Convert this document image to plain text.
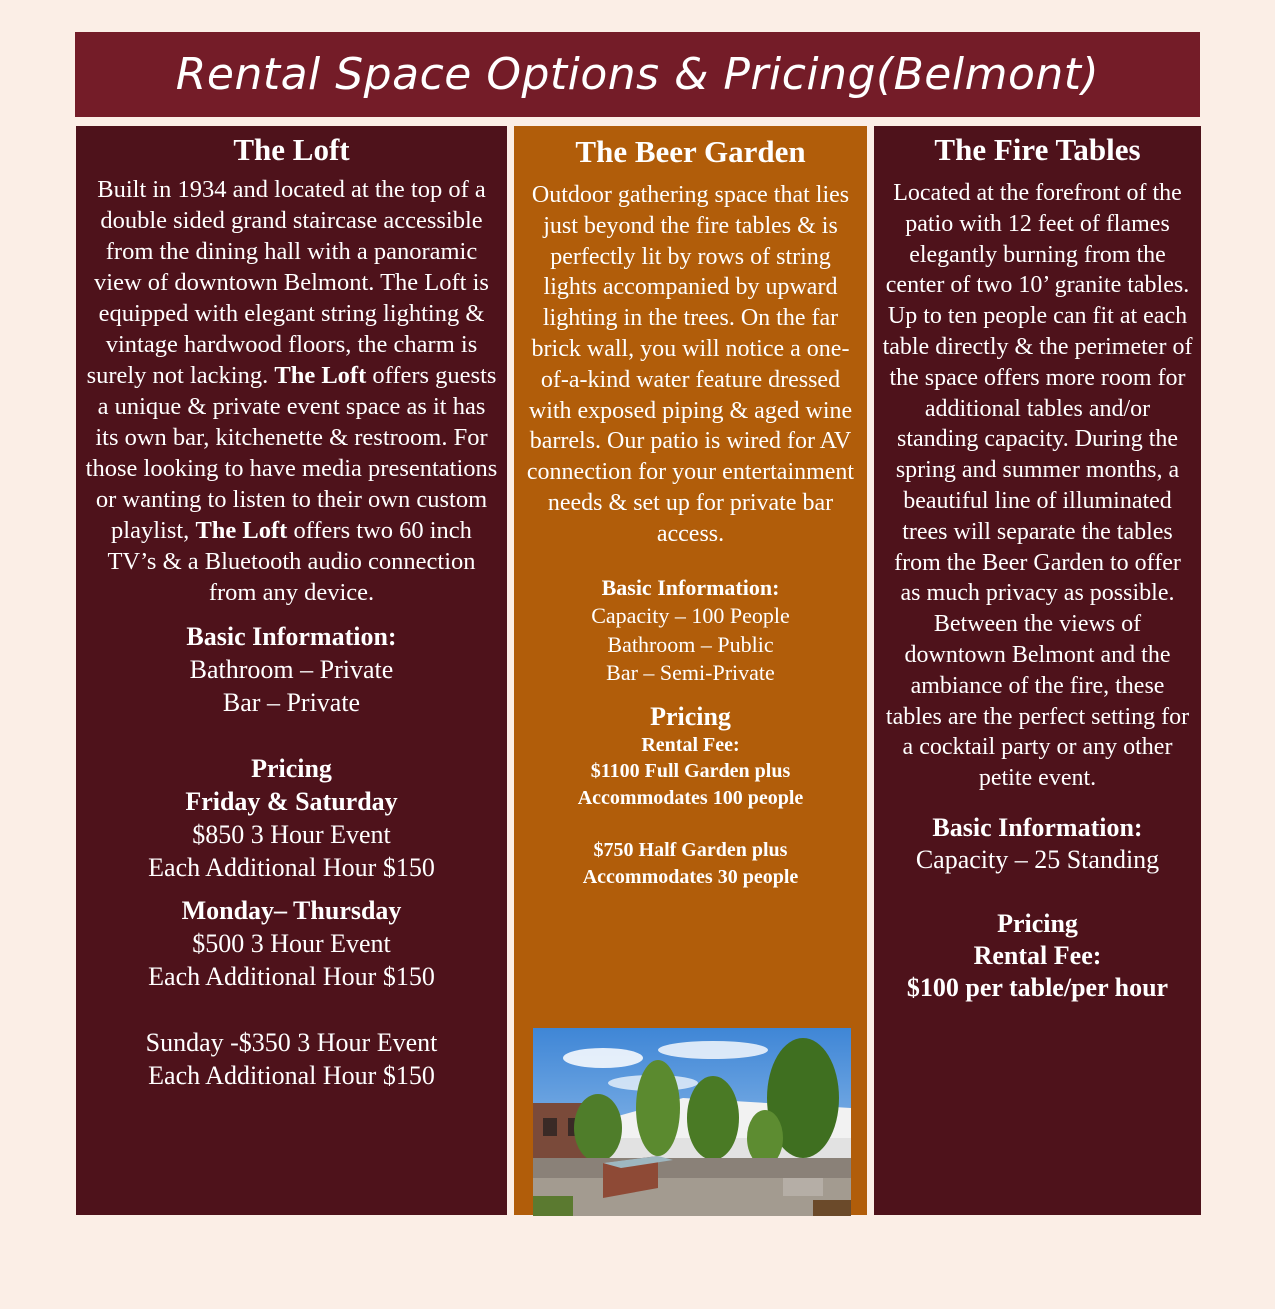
Rental Space Options & Pricing(Belmont)
The Loft

Built in 1934 and located at the top of a double sided grand staircase accessible from the dining hall with a panoramic view of downtown Belmont. The Loft is equipped with elegant string lighting & vintage hardwood floors, the charm is surely not lacking. The Loft offers guests a unique & private event space as it has its own bar, kitchenette & restroom. For those looking to have media presentations or wanting to listen to their own custom playlist, The Loft offers two 60 inch TV’s & a Bluetooth audio connection from any device.

Basic Information:
Bathroom – Private
Bar – Private
Pricing
Friday & Saturday
$850 3 Hour Event
Each Additional Hour $150
Monday– Thursday
$500 3 Hour Event
Each Additional Hour $150
Sunday -$350 3 Hour Event
Each Additional Hour $150
The Beer Garden

Outdoor gathering space that lies just beyond the fire tables & is perfectly lit by rows of string lights accompanied by upward lighting in the trees. On the far brick wall, you will notice a one-of-a-kind water feature dressed with exposed piping & aged wine barrels. Our patio is wired for AV connection for your entertainment needs & set up for private bar access.

Basic Information:
Capacity – 100 People
Bathroom – Public
Bar – Semi-Private
Pricing
Rental Fee:
$1100 Full Garden plus
Accommodates 100 people
$750 Half Garden plus
Accommodates 30 people
The Fire Tables

Located at the forefront of the patio with 12 feet of flames elegantly burning from the center of two 10’ granite tables. Up to ten people can fit at each table directly & the perimeter of the space offers more room for additional tables and/or standing capacity. During the spring and summer months, a beautiful line of illuminated trees will separate the tables from the Beer Garden to offer as much privacy as possible. Between the views of downtown Belmont and the ambiance of the fire, these tables are the perfect setting for a cocktail party or any other petite event.

Basic Information:
Capacity – 25 Standing
Pricing
Rental Fee:
$100 per table/per hour
